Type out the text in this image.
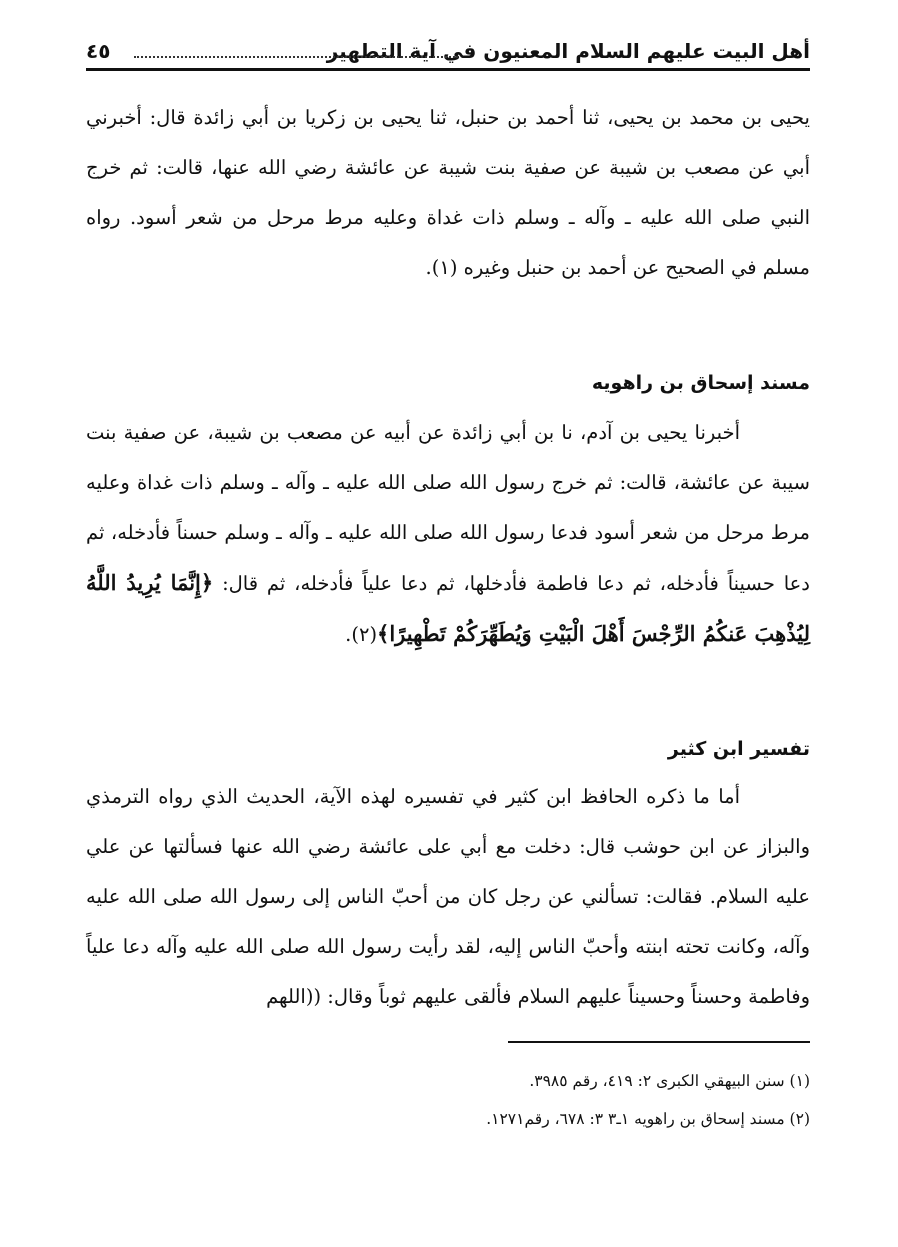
أهل البيت عليهم السلام المعنيون في آية التطهير
٤٥

يحيى بن محمد بن يحيى، ثنا أحمد بن حنبل، ثنا يحيى بن زكريا بن أبي زائدة قال: أخبرني أبي عن مصعب بن شيبة عن صفية بنت شيبة عن عائشة رضي الله عنها، قالت: ثم خرج النبي صلى الله عليه ـ وآله ـ وسلم ذات غداة وعليه مرط مرحل من شعر أسود. رواه مسلم في الصحيح عن أحمد بن حنبل وغيره (١).

مسند إسحاق بن راهويه

أخبرنا يحيى بن آدم، نا بن أبي زائدة عن أبيه عن مصعب بن شيبة، عن صفية بنت سيبة عن عائشة، قالت: ثم خرج رسول الله صلى الله عليه ـ وآله ـ وسلم ذات غداة وعليه مرط مرحل من شعر أسود فدعا رسول الله صلى الله عليه ـ وآله ـ وسلم حسناً فأدخله، ثم دعا حسيناً فأدخله، ثم دعا فاطمة فأدخلها، ثم دعا علياً فأدخله، ثم قال: ﴿إِنَّمَا يُرِيدُ اللَّهُ لِيُذْهِبَ عَنكُمُ الرِّجْسَ أَهْلَ الْبَيْتِ وَيُطَهِّرَكُمْ تَطْهِيرًا﴾(٢).

تفسير ابن كثير

أما ما ذكره الحافظ ابن كثير في تفسيره لهذه الآية، الحديث الذي رواه الترمذي والبزاز عن ابن حوشب قال: دخلت مع أبي على عائشة رضي الله عنها فسألتها عن علي عليه السلام. فقالت: تسألني عن رجل كان من أحبّ الناس إلى رسول الله صلى الله عليه وآله، وكانت تحته ابنته وأحبّ الناس إليه، لقد رأيت رسول الله صلى الله عليه وآله دعا علياً وفاطمة وحسناً وحسيناً عليهم السلام فألقى عليهم ثوباً وقال: ((اللهم

(١) سنن البيهقي الكبرى ٢: ٤١٩، رقم ٣٩٨٥.
(٢) مسند إسحاق بن راهويه ١ـ٣ ٣: ٦٧٨، رقم١٢٧١.
